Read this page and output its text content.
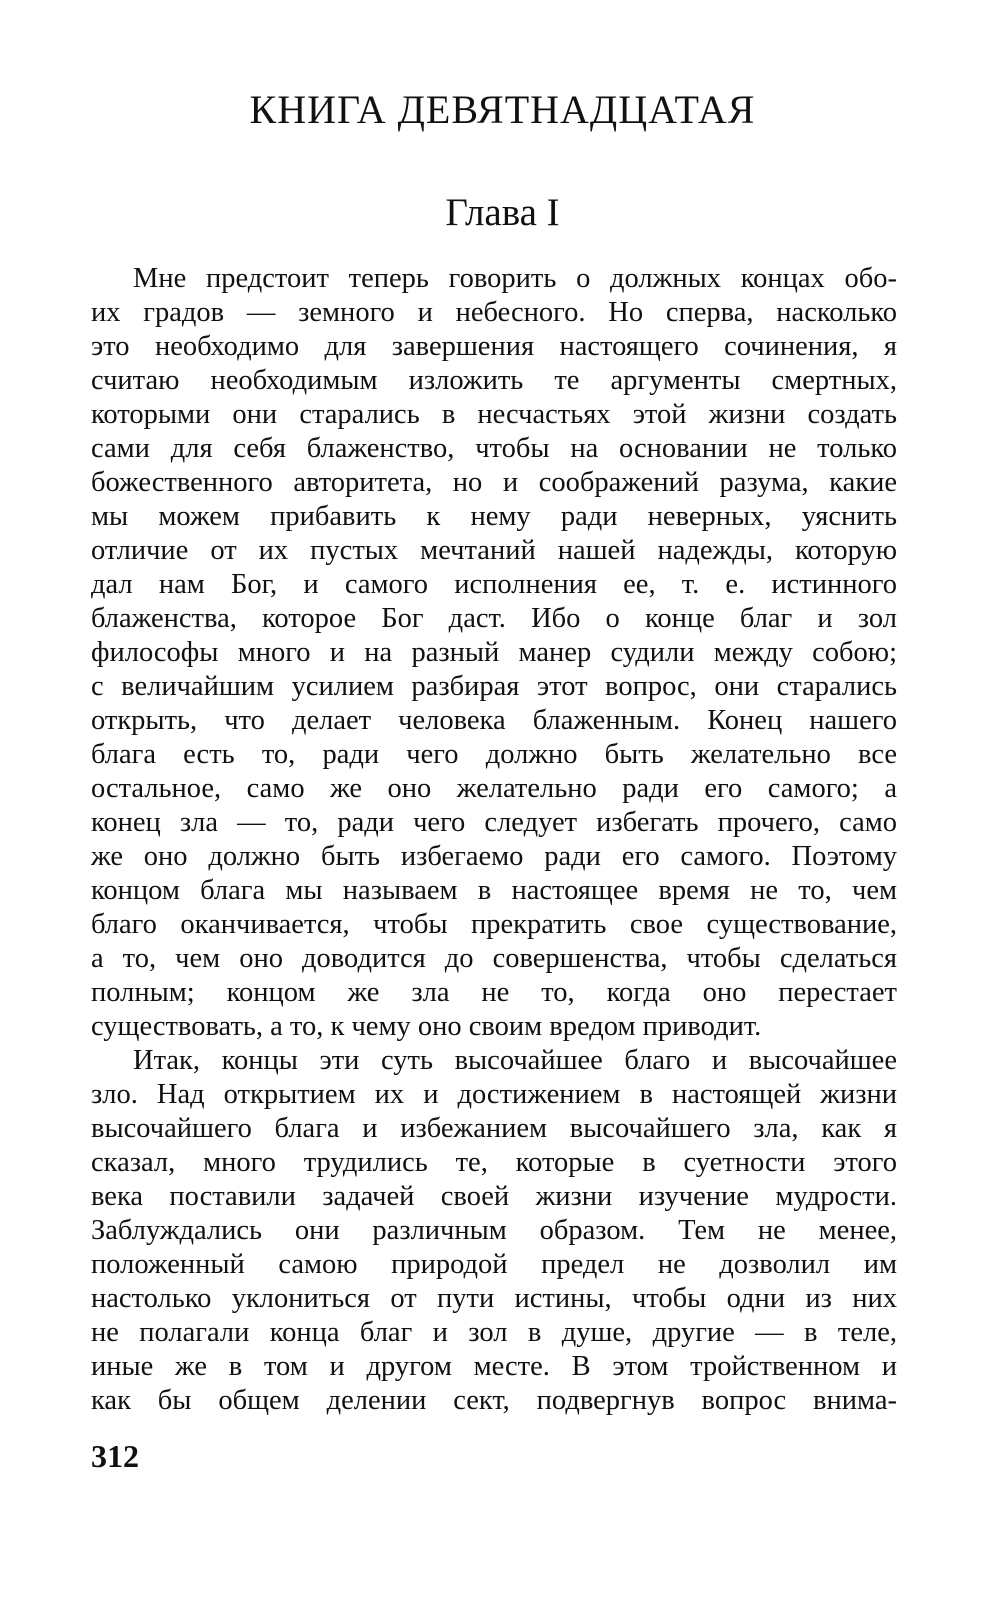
КНИГА ДЕВЯТНАДЦАТАЯ
Глава I
Мне предстоит теперь говорить о должных концах обо-
их градов — земного и небесного. Но сперва, насколько
это необходимо для завершения настоящего сочинения, я
считаю необходимым изложить те аргументы смертных,
которыми они старались в несчастьях этой жизни создать
сами для себя блаженство, чтобы на основании не только
божественного авторитета, но и соображений разума, какие
мы можем прибавить к нему ради неверных, уяснить
отличие от их пустых мечтаний нашей надежды, которую
дал нам Бог, и самого исполнения ее, т. е. истинного
блаженства, которое Бог даст. Ибо о конце благ и зол
философы много и на разный манер судили между собою;
с величайшим усилием разбирая этот вопрос, они старались
открыть, что делает человека блаженным. Конец нашего
блага есть то, ради чего должно быть желательно все
остальное, само же оно желательно ради его самого; а
конец зла — то, ради чего следует избегать прочего, само
же оно должно быть избегаемо ради его самого. Поэтому
концом блага мы называем в настоящее время не то, чем
благо оканчивается, чтобы прекратить свое существование,
а то, чем оно доводится до совершенства, чтобы сделаться
полным; концом же зла не то, когда оно перестает
существовать, а то, к чему оно своим вредом приводит.
Итак, концы эти суть высочайшее благо и высочайшее
зло. Над открытием их и достижением в настоящей жизни
высочайшего блага и избежанием высочайшего зла, как я
сказал, много трудились те, которые в суетности этого
века поставили задачей своей жизни изучение мудрости.
Заблуждались они различным образом. Тем не менее,
положенный самою природой предел не дозволил им
настолько уклониться от пути истины, чтобы одни из них
не полагали конца благ и зол в душе, другие — в теле,
иные же в том и другом месте. В этом тройственном и
как бы общем делении сект, подвергнув вопрос внима-
312
